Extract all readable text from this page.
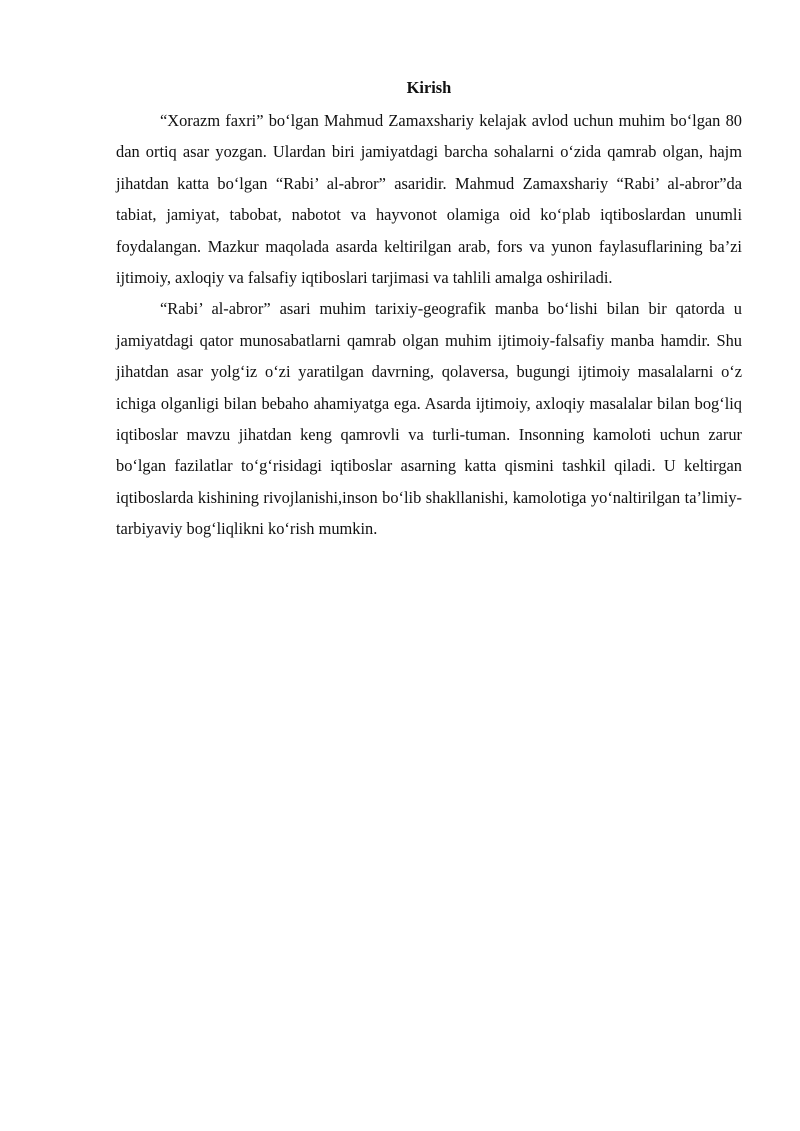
Kirish

“Xorazm faxri” bo‘lgan Mahmud Zamaxshariy kelajak avlod uchun muhim bo‘lgan 80 dan ortiq asar yozgan. Ulardan biri jamiyatdagi barcha sohalarni o‘zida qamrab olgan, hajm jihatdan katta bo‘lgan “Rabi’ al-abror” asaridir. Mahmud Zamaxshariy “Rabi’ al-abror”da tabiat, jamiyat, tabobat, nabotot va hayvonot olamiga oid ko‘plab iqtiboslardan unumli foydalangan. Mazkur maqolada asarda keltirilgan arab, fors va yunon faylasuflarining ba’zi ijtimoiy, axloqiy va falsafiy iqtiboslari tarjimasi va tahlili amalga oshiriladi.

“Rabi’ al-abror” asari muhim tarixiy-geografik manba bo‘lishi bilan bir qatorda u jamiyatdagi qator munosabatlarni qamrab olgan muhim ijtimoiy-falsafiy manba hamdir. Shu jihatdan asar yolg‘iz o‘zi yaratilgan davrning, qolaversa, bugungi ijtimoiy masalalarni o‘z ichiga olganligi bilan bebaho ahamiyatga ega. Asarda ijtimoiy, axloqiy masalalar bilan bog‘liq iqtiboslar mavzu jihatdan keng qamrovli va turli-tuman. Insonning kamoloti uchun zarur bo‘lgan fazilatlar to‘g‘risidagi iqtiboslar asarning katta qismini tashkil qiladi. U keltirgan iqtiboslarda kishining rivojlanishi,inson bo‘lib shakllanishi, kamolotiga yo‘naltirilgan ta’limiy-tarbiyaviy bog‘liqlikni ko‘rish mumkin.
